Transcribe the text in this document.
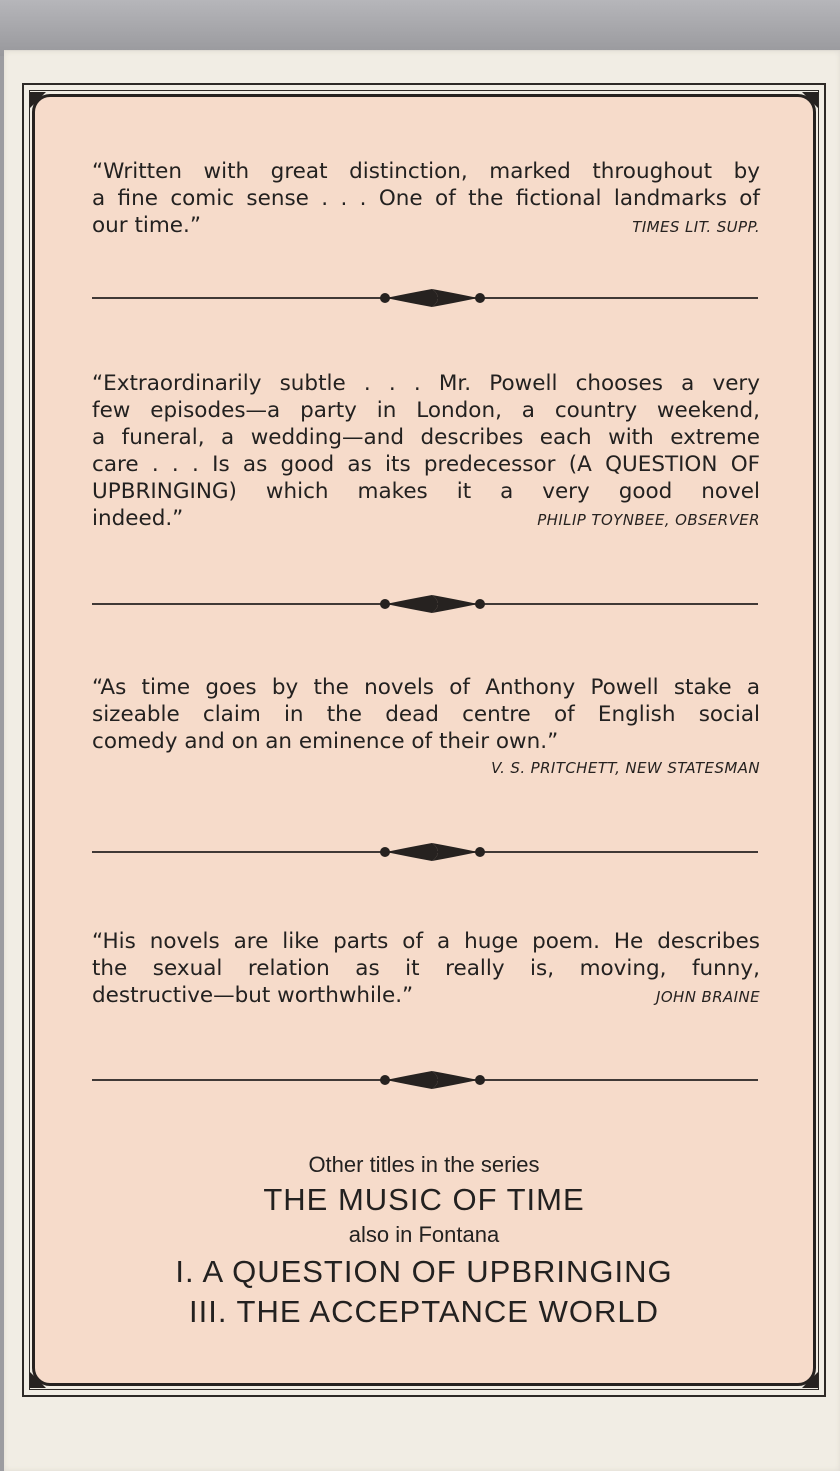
“Written with great distinction, marked throughout by
a fine comic sense . . . One of the fictional landmarks of
our time.”	TIMES LIT. SUPP.
“Extraordinarily subtle . . . Mr. Powell chooses a very
few episodes—a party in London, a country weekend,
a funeral, a wedding—and describes each with extreme
care . . . Is as good as its predecessor (A QUESTION OF
UPBRINGING) which makes it a very good novel
indeed.”	PHILIP TOYNBEE, OBSERVER
“As time goes by the novels of Anthony Powell stake a
sizeable claim in the dead centre of English social
comedy and on an eminence of their own.”
V. S. PRITCHETT, NEW STATESMAN
“His novels are like parts of a huge poem. He describes
the sexual relation as it really is, moving, funny,
destructive—but worthwhile.”	JOHN BRAINE
Other titles in the series
THE MUSIC OF TIME
also in Fontana
I. A QUESTION OF UPBRINGING
III. THE ACCEPTANCE WORLD
